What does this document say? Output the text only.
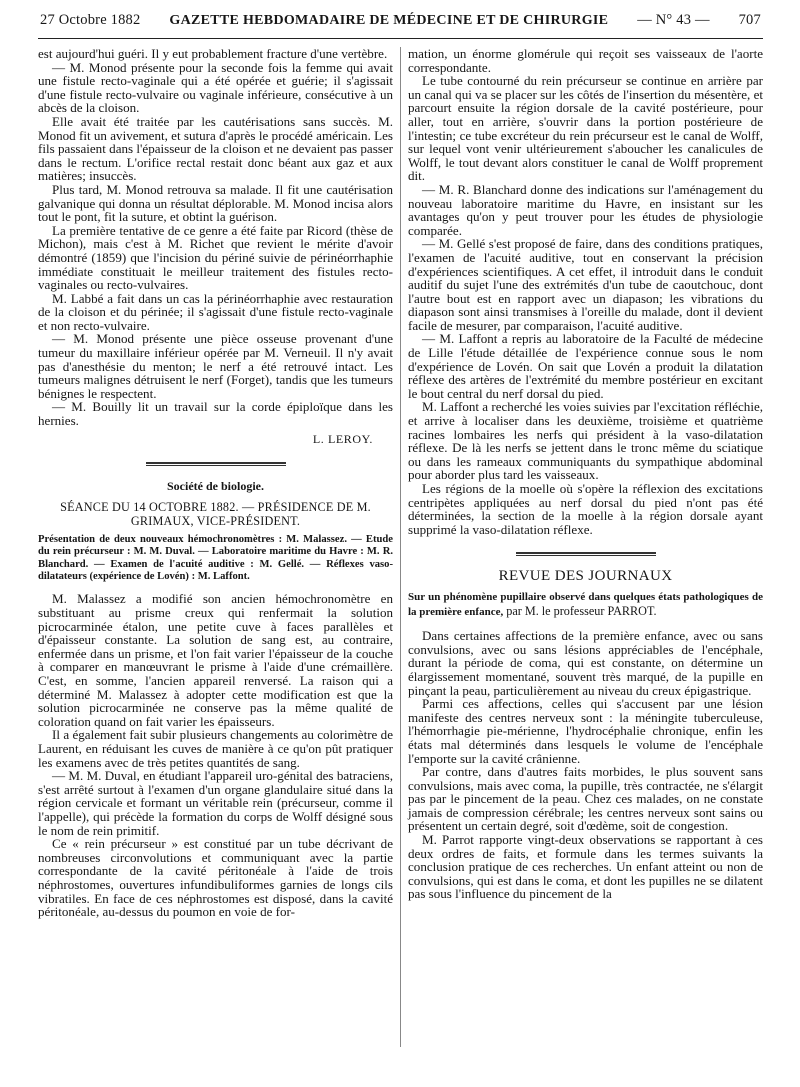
27 Octobre 1882 GAZETTE HEBDOMADAIRE DE MÉDECINE ET DE CHIRURGIE — N° 43 — 707

est aujourd'hui guéri. Il y eut probablement fracture d'une vertèbre.

— M. Monod présente pour la seconde fois la femme qui avait une fistule recto-vaginale qui a été opérée et guérie; il s'agissait d'une fistule recto-vulvaire ou vaginale inférieure, consécutive à un abcès de la cloison.

Elle avait été traitée par les cautérisations sans succès. M. Monod fit un avivement, et sutura d'après le procédé américain. Les fils passaient dans l'épaisseur de la cloison et ne devaient pas passer dans le rectum. L'orifice rectal restait donc béant aux gaz et aux matières; insuccès.

Plus tard, M. Monod retrouva sa malade. Il fit une cautérisation galvanique qui donna un résultat déplorable. M. Monod incisa alors tout le pont, fit la suture, et obtint la guérison.

La première tentative de ce genre a été faite par Ricord (thèse de Michon), mais c'est à M. Richet que revient le mérite d'avoir démontré (1859) que l'incision du périné suivie de périnéorrhaphie immédiate constituait le meilleur traitement des fistules recto-vaginales ou recto-vulvaires.

M. Labbé a fait dans un cas la périnéorrhaphie avec restauration de la cloison et du périnée; il s'agissait d'une fistule recto-vaginale et non recto-vulvaire.

— M. Monod présente une pièce osseuse provenant d'une tumeur du maxillaire inférieur opérée par M. Verneuil. Il n'y avait pas d'anesthésie du menton; le nerf a été retrouvé intact. Les tumeurs malignes détruisent le nerf (Forget), tandis que les tumeurs bénignes le respectent.

— M. Bouilly lit un travail sur la corde épiploïque dans les hernies.

L. LEROY.
Société de biologie.
SÉANCE DU 14 OCTOBRE 1882. — PRÉSIDENCE DE M. GRIMAUX, VICE-PRÉSIDENT.
Présentation de deux nouveaux hémochronomètres : M. Malassez. — Etude du rein précurseur : M. M. Duval. — Laboratoire maritime du Havre : M. R. Blanchard. — Examen de l'acuité auditive : M. Gellé. — Réflexes vaso-dilatateurs (expérience de Lovén) : M. Laffont.

M. Malassez a modifié son ancien hémochronomètre en substituant au prisme creux qui renfermait la solution picrocarminée étalon, une petite cuve à faces parallèles et d'épaisseur constante. La solution de sang est, au contraire, enfermée dans un prisme, et l'on fait varier l'épaisseur de la couche à comparer en manœuvrant le prisme à l'aide d'une crémaillère. C'est, en somme, l'ancien appareil renversé. La raison qui a déterminé M. Malassez à adopter cette modification est que la solution picrocarminée ne conserve pas la même qualité de coloration quand on fait varier les épaisseurs.

Il a également fait subir plusieurs changements au colorimètre de Laurent, en réduisant les cuves de manière à ce qu'on pût pratiquer les examens avec de très petites quantités de sang.

— M. M. Duval, en étudiant l'appareil uro-génital des batraciens, s'est arrêté surtout à l'examen d'un organe glandulaire situé dans la région cervicale et formant un véritable rein (précurseur, comme il l'appelle), qui précède la formation du corps de Wolff désigné sous le nom de rein primitif.

Ce « rein précurseur » est constitué par un tube décrivant de nombreuses circonvolutions et communiquant avec la partie correspondante de la cavité péritonéale à l'aide de trois néphrostomes, ouvertures infundibuliformes garnies de longs cils vibratiles. En face de ces néphrostomes est disposé, dans la cavité péritonéale, au-dessus du poumon en voie de for-

mation, un énorme glomérule qui reçoit ses vaisseaux de l'aorte correspondante.

Le tube contourné du rein précurseur se continue en arrière par un canal qui va se placer sur les côtés de l'insertion du mésentère, et parcourt ensuite la région dorsale de la cavité postérieure, pour aller, tout en arrière, s'ouvrir dans la portion postérieure de l'intestin; ce tube excréteur du rein précurseur est le canal de Wolff, sur lequel vont venir ultérieurement s'aboucher les canalicules de Wolff, le tout devant alors constituer le canal de Wolff proprement dit.

— M. R. Blanchard donne des indications sur l'aménagement du nouveau laboratoire maritime du Havre, en insistant sur les avantages qu'on y peut trouver pour les études de physiologie comparée.

— M. Gellé s'est proposé de faire, dans des conditions pratiques, l'examen de l'acuité auditive, tout en conservant la précision d'expériences scientifiques. A cet effet, il introduit dans le conduit auditif du sujet l'une des extrémités d'un tube de caoutchouc, dont l'autre bout est en rapport avec un diapason; les vibrations du diapason sont ainsi transmises à l'oreille du malade, dont il devient facile de mesurer, par comparaison, l'acuité auditive.

— M. Laffont a repris au laboratoire de la Faculté de médecine de Lille l'étude détaillée de l'expérience connue sous le nom d'expérience de Lovén. On sait que Lovén a produit la dilatation réflexe des artères de l'extrémité du membre postérieur en excitant le bout central du nerf dorsal du pied.

M. Laffont a recherché les voies suivies par l'excitation réfléchie, et arrive à localiser dans les deuxième, troisième et quatrième racines lombaires les nerfs qui président à la vaso-dilatation réflexe. De là les nerfs se jettent dans le tronc même du sciatique ou dans les rameaux communiquants du sympathique abdominal pour aborder plus tard les vaisseaux.

Les régions de la moelle où s'opère la réflexion des excitations centripètes appliquées au nerf dorsal du pied n'ont pas été déterminées, la section de la moelle à la région dorsale ayant supprimé la vaso-dilatation réflexe.

REVUE DES JOURNAUX
Sur un phénomène pupillaire observé dans quelques états pathologiques de la première enfance, par M. le professeur PARROT.

Dans certaines affections de la première enfance, avec ou sans convulsions, avec ou sans lésions appréciables de l'encéphale, durant la période de coma, qui est constante, on détermine un élargissement momentané, souvent très marqué, de la pupille en pinçant la peau, particulièrement au niveau du creux épigastrique.

Parmi ces affections, celles qui s'accusent par une lésion manifeste des centres nerveux sont : la méningite tuberculeuse, l'hémorrhagie pie-mérienne, l'hydrocéphalie chronique, enfin les états mal déterminés dans lesquels le volume de l'encéphale l'emporte sur la cavité crânienne.

Par contre, dans d'autres faits morbides, le plus souvent sans convulsions, mais avec coma, la pupille, très contractée, ne s'élargit pas par le pincement de la peau. Chez ces malades, on ne constate jamais de compression cérébrale; les centres nerveux sont sains ou présentent un certain degré, soit d'œdème, soit de congestion.

M. Parrot rapporte vingt-deux observations se rapportant à ces deux ordres de faits, et formule dans les termes suivants la conclusion pratique de ces recherches. Un enfant atteint ou non de convulsions, qui est dans le coma, et dont les pupilles ne se dilatent pas sous l'influence du pincement de la
